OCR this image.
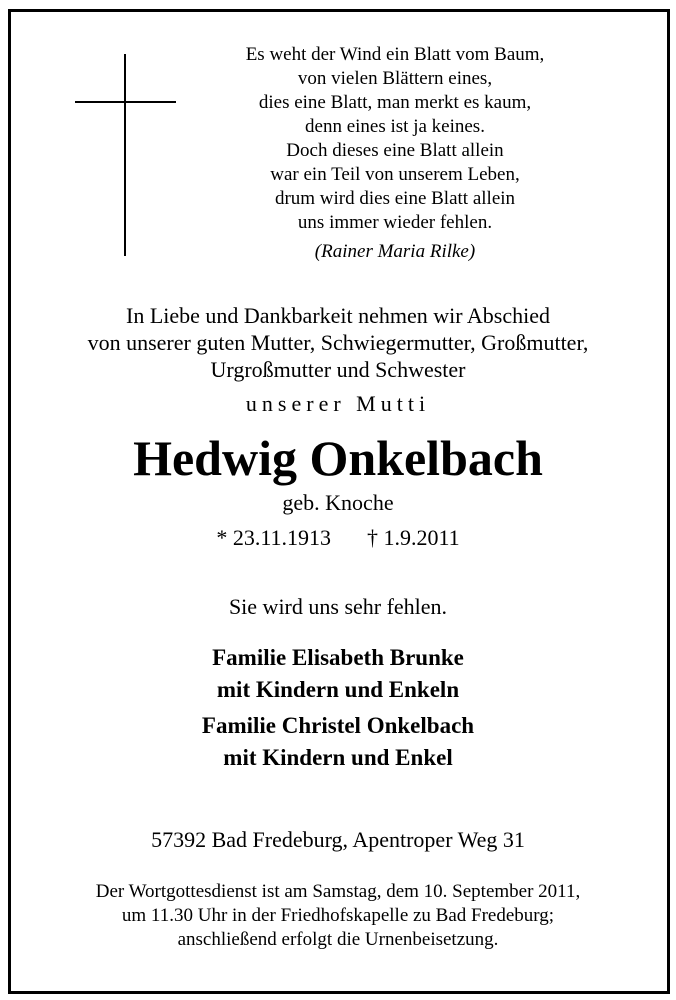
Es weht der Wind ein Blatt vom Baum,
von vielen Blättern eines,
dies eine Blatt, man merkt es kaum,
denn eines ist ja keines.
Doch dieses eine Blatt allein
war ein Teil von unserem Leben,
drum wird dies eine Blatt allein
uns immer wieder fehlen.
(Rainer Maria Rilke)
In Liebe und Dankbarkeit nehmen wir Abschied
von unserer guten Mutter, Schwiegermutter, Großmutter,
Urgroßmutter und Schwester
unserer Mutti
Hedwig Onkelbach
geb. Knoche
* 23.11.1913 † 1.9.2011
Sie wird uns sehr fehlen.
Familie Elisabeth Brunke
mit Kindern und Enkeln
Familie Christel Onkelbach
mit Kindern und Enkel
57392 Bad Fredeburg, Apentroper Weg 31
Der Wortgottesdienst ist am Samstag, dem 10. September 2011,
um 11.30 Uhr in der Friedhofskapelle zu Bad Fredeburg;
anschließend erfolgt die Urnenbeisetzung.
